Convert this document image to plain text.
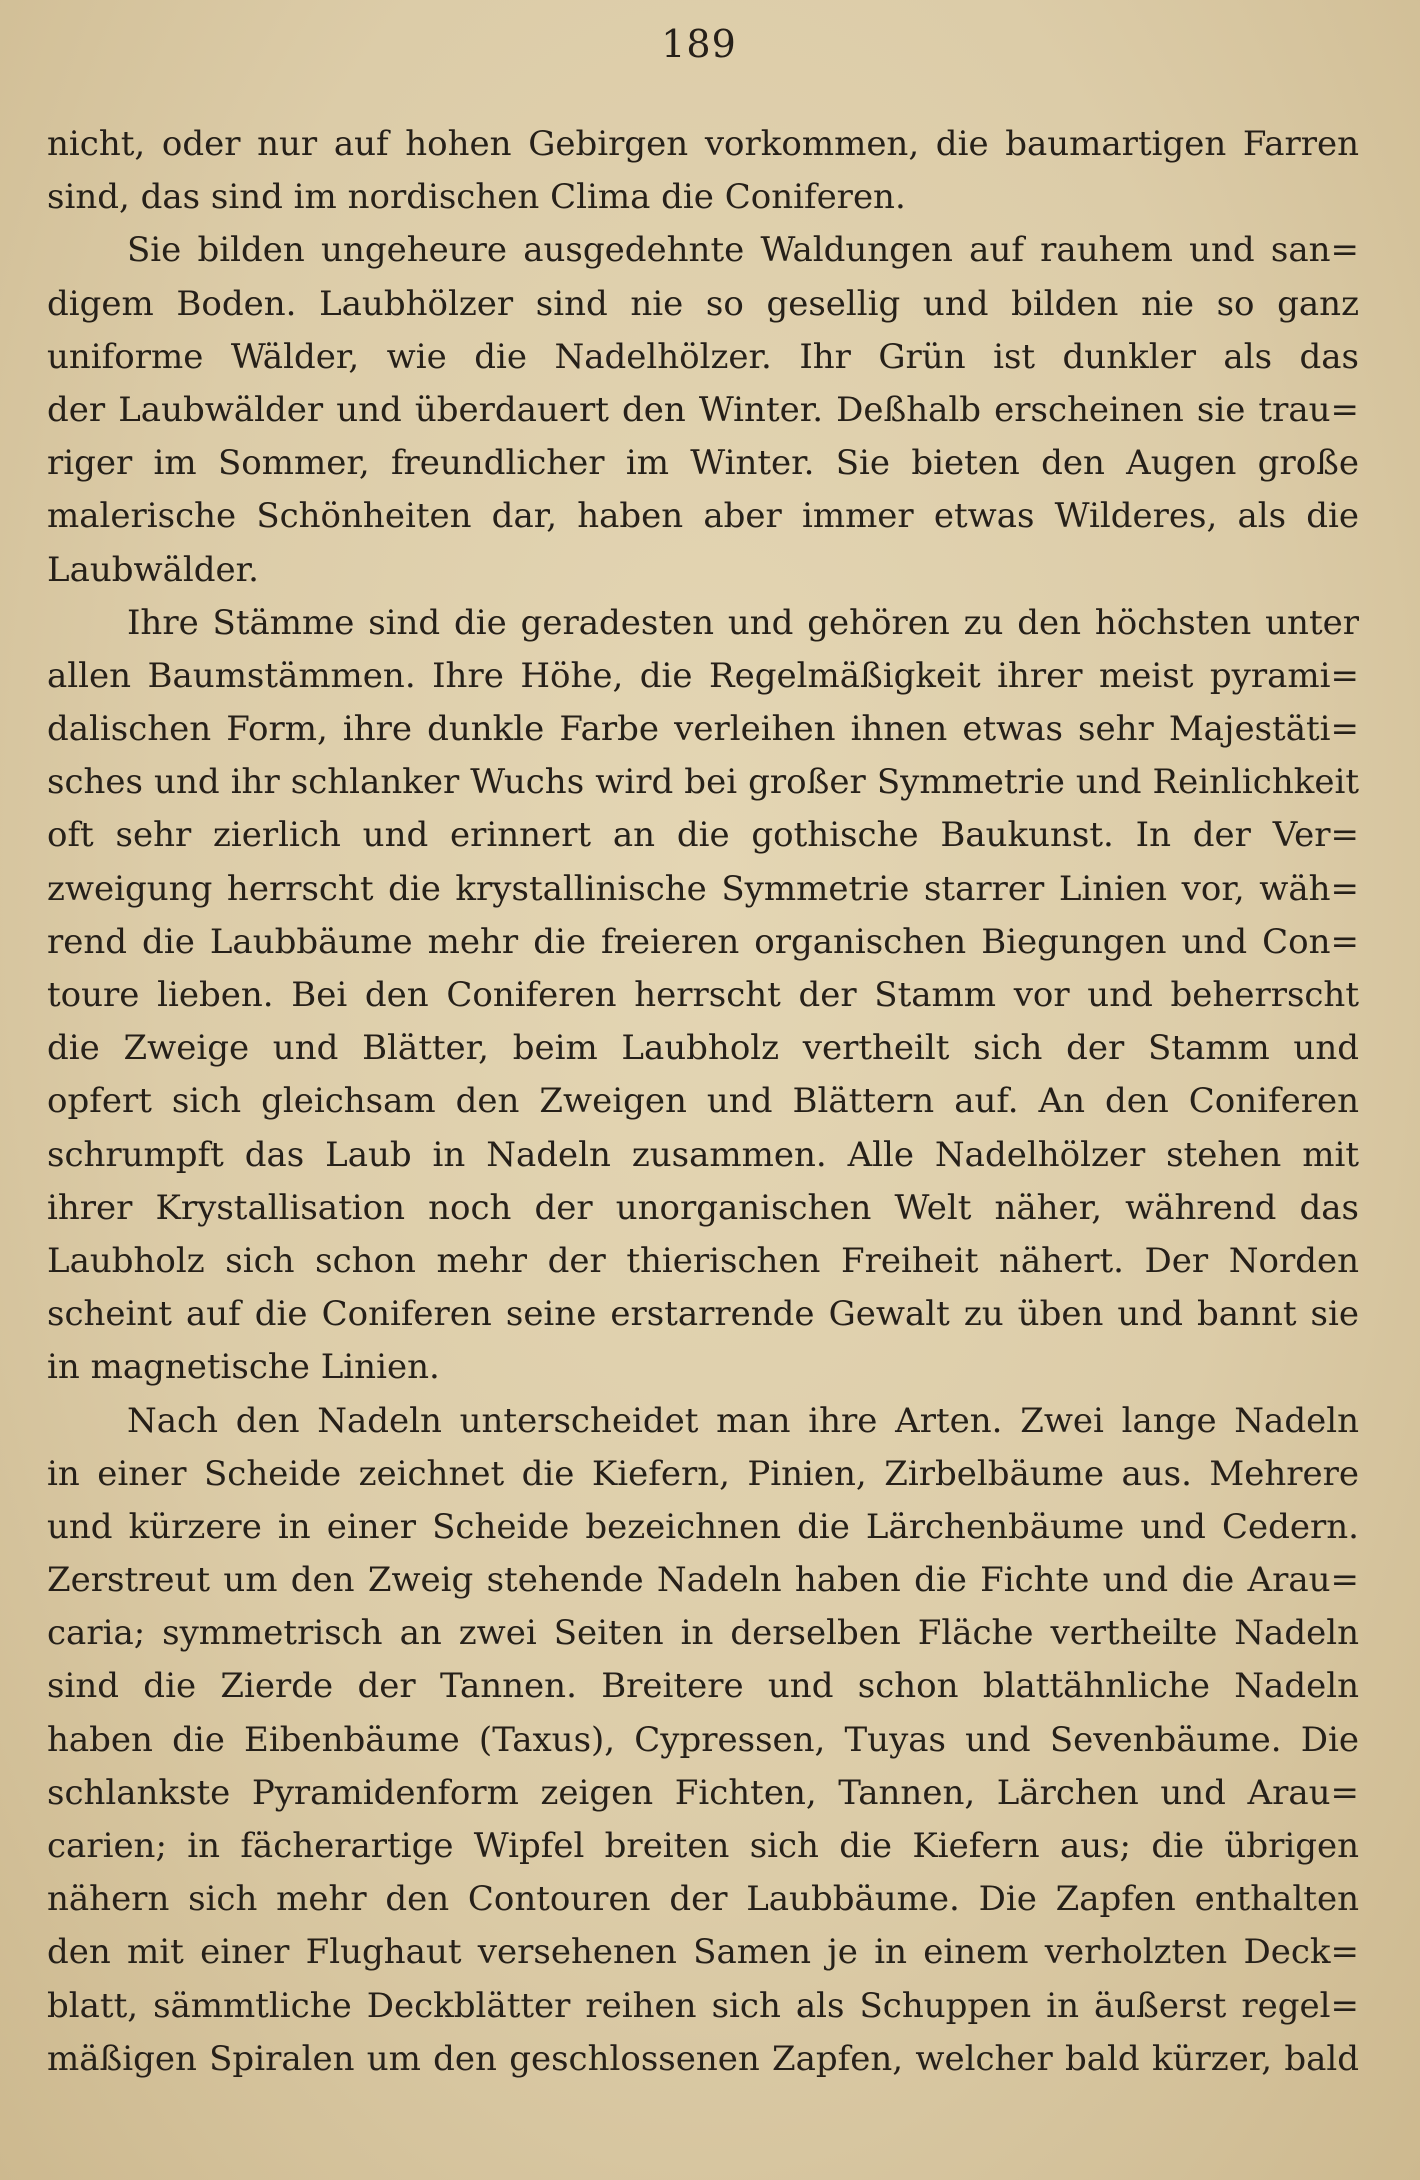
189
nicht, oder nur auf hohen Gebirgen vorkommen, die baumartigen Farren
sind, das sind im nordischen Clima die Coniferen.
Sie bilden ungeheure ausgedehnte Waldungen auf rauhem und san=
digem Boden. Laubhölzer sind nie so gesellig und bilden nie so ganz
uniforme Wälder, wie die Nadelhölzer. Ihr Grün ist dunkler als das
der Laubwälder und überdauert den Winter. Deßhalb erscheinen sie trau=
riger im Sommer, freundlicher im Winter. Sie bieten den Augen große
malerische Schönheiten dar, haben aber immer etwas Wilderes, als die
Laubwälder.
Ihre Stämme sind die geradesten und gehören zu den höchsten unter
allen Baumstämmen. Ihre Höhe, die Regelmäßigkeit ihrer meist pyrami=
dalischen Form, ihre dunkle Farbe verleihen ihnen etwas sehr Majestäti=
sches und ihr schlanker Wuchs wird bei großer Symmetrie und Reinlichkeit
oft sehr zierlich und erinnert an die gothische Baukunst. In der Ver=
zweigung herrscht die krystallinische Symmetrie starrer Linien vor, wäh=
rend die Laubbäume mehr die freieren organischen Biegungen und Con=
toure lieben. Bei den Coniferen herrscht der Stamm vor und beherrscht
die Zweige und Blätter, beim Laubholz vertheilt sich der Stamm und
opfert sich gleichsam den Zweigen und Blättern auf. An den Coniferen
schrumpft das Laub in Nadeln zusammen. Alle Nadelhölzer stehen mit
ihrer Krystallisation noch der unorganischen Welt näher, während das
Laubholz sich schon mehr der thierischen Freiheit nähert. Der Norden
scheint auf die Coniferen seine erstarrende Gewalt zu üben und bannt sie
in magnetische Linien.
Nach den Nadeln unterscheidet man ihre Arten. Zwei lange Nadeln
in einer Scheide zeichnet die Kiefern, Pinien, Zirbelbäume aus. Mehrere
und kürzere in einer Scheide bezeichnen die Lärchenbäume und Cedern.
Zerstreut um den Zweig stehende Nadeln haben die Fichte und die Arau=
caria; symmetrisch an zwei Seiten in derselben Fläche vertheilte Nadeln
sind die Zierde der Tannen. Breitere und schon blattähnliche Nadeln
haben die Eibenbäume (Taxus), Cypressen, Tuyas und Sevenbäume. Die
schlankste Pyramidenform zeigen Fichten, Tannen, Lärchen und Arau=
carien; in fächerartige Wipfel breiten sich die Kiefern aus; die übrigen
nähern sich mehr den Contouren der Laubbäume. Die Zapfen enthalten
den mit einer Flughaut versehenen Samen je in einem verholzten Deck=
blatt, sämmtliche Deckblätter reihen sich als Schuppen in äußerst regel=
mäßigen Spiralen um den geschlossenen Zapfen, welcher bald kürzer, bald
